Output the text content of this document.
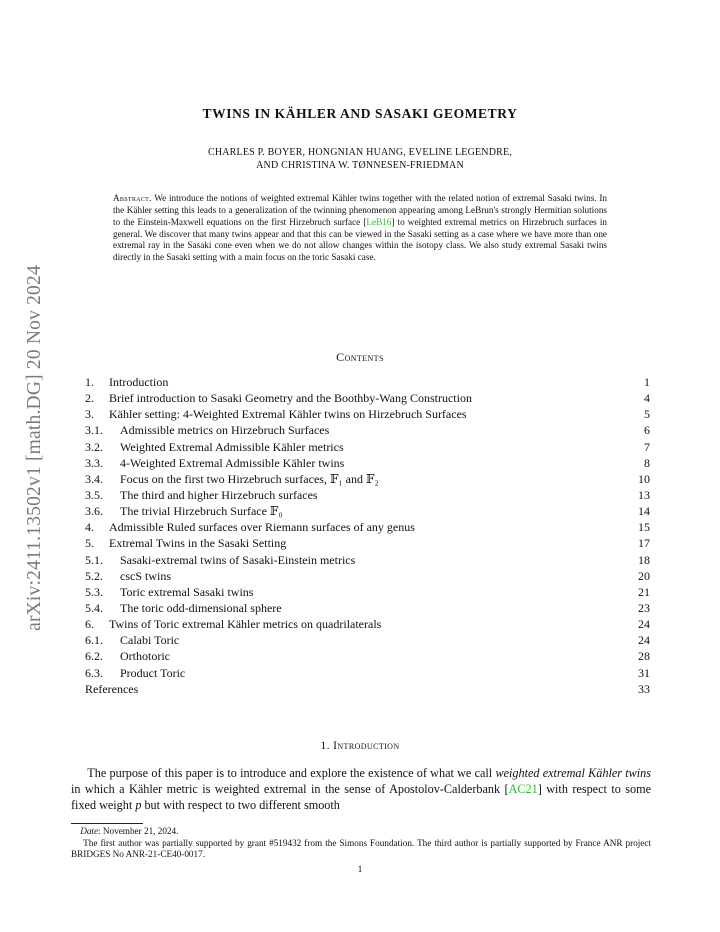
arXiv:2411.13502v1 [math.DG] 20 Nov 2024
TWINS IN KÄHLER AND SASAKI GEOMETRY
CHARLES P. BOYER, HONGNIAN HUANG, EVELINE LEGENDRE,
AND CHRISTINA W. TØNNESEN-FRIEDMAN
Abstract. We introduce the notions of weighted extremal Kähler twins together with the related notion of extremal Sasaki twins. In the Kähler setting this leads to a generalization of the twinning phenomenon appearing among LeBrun's strongly Hermitian solutions to the Einstein-Maxwell equations on the first Hirzebruch surface [LeB16] to weighted extremal metrics on Hirzebruch surfaces in general. We discover that many twins appear and that this can be viewed in the Sasaki setting as a case where we have more than one extremal ray in the Sasaki cone even when we do not allow changes within the isotopy class. We also study extremal Sasaki twins directly in the Sasaki setting with a main focus on the toric Sasaki case.
Contents
1. Introduction	1
2. Brief introduction to Sasaki Geometry and the Boothby-Wang Construction	4
3. Kähler setting: 4-Weighted Extremal Kähler twins on Hirzebruch Surfaces	5
3.1. Admissible metrics on Hirzebruch Surfaces	6
3.2. Weighted Extremal Admissible Kähler metrics	7
3.3. 4-Weighted Extremal Admissible Kähler twins	8
3.4. Focus on the first two Hirzebruch surfaces, 𝔽₁ and 𝔽₂	10
3.5. The third and higher Hirzebruch surfaces	13
3.6. The trivial Hirzebruch Surface 𝔽₀	14
4. Admissible Ruled surfaces over Riemann surfaces of any genus	15
5. Extremal Twins in the Sasaki Setting	17
5.1. Sasaki-extremal twins of Sasaki-Einstein metrics	18
5.2. cscS twins	20
5.3. Toric extremal Sasaki twins	21
5.4. The toric odd-dimensional sphere	23
6. Twins of Toric extremal Kähler metrics on quadrilaterals	24
6.1. Calabi Toric	24
6.2. Orthotoric	28
6.3. Product Toric	31
References	33
1. Introduction
The purpose of this paper is to introduce and explore the existence of what we call weighted extremal Kähler twins in which a Kähler metric is weighted extremal in the sense of Apostolov-Calderbank [AC21] with respect to some fixed weight p but with respect to two different smooth
Date: November 21, 2024.
The first author was partially supported by grant #519432 from the Simons Foundation. The third author is partially supported by France ANR project BRIDGES No ANR-21-CE40-0017.
1
